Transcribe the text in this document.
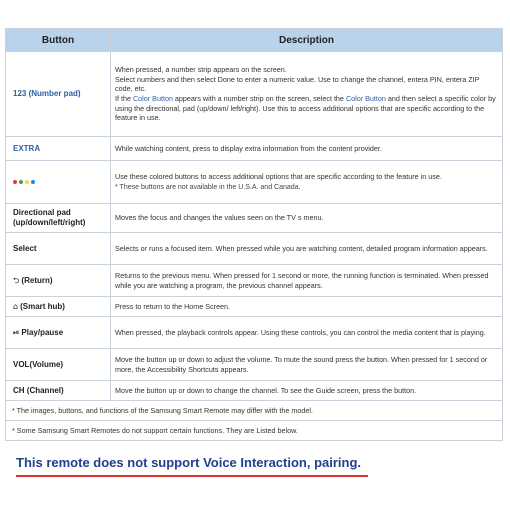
Button	Description
123 (Number pad)	When pressed, a number strip appears on the screen.
Select numbers and then select Done to enter a numeric value. Use to change the channel, entera PIN, entera ZIP code, etc.
If the Color Button appears with a number strip on the screen, select the Color Button and then select a specific color by using the directional, pad (up/down/ left/right). Use this to access additional options that are specific according to the feature in use.
EXTRA	While watching content, press to display extra information from the content provider.

	Use these colored buttons to access additional options that are specific according to the feature in use.
* These buttons are not available in the U.S.A. and Canada.
Directional pad (up/down/left/right)	Moves the focus and changes the values seen on the TV s menu.
Select	Selects or runs a focused item. When pressed while you are watching content, detailed program information appears.
⮌ (Return)	Returns to the previous menu. When pressed for 1 second or more, the running function is terminated. When pressed while you are watching a program, the previous channel appears.
⌂ (Smart hub)	Press to return to the Home Screen.
⏯ Play/pause	When pressed, the playback controls appear. Using these controls, you can control the media content that is playing.
VOL(Volume)	Move the button up or down to adjust the volume. To mute the sound press the button. When pressed for 1 second or more, the Accessibility Shortcuts appears.
CH (Channel)	Move the button up or down to change the channel. To see the Guide screen, press the button.
* The images, buttons, and functions of the Samsung Smart Remote may differ with the model.	
* Some Samsung Smart Remotes do not support certain functions. They are Listed below.	
This remote does not support Voice Interaction, pairing.
